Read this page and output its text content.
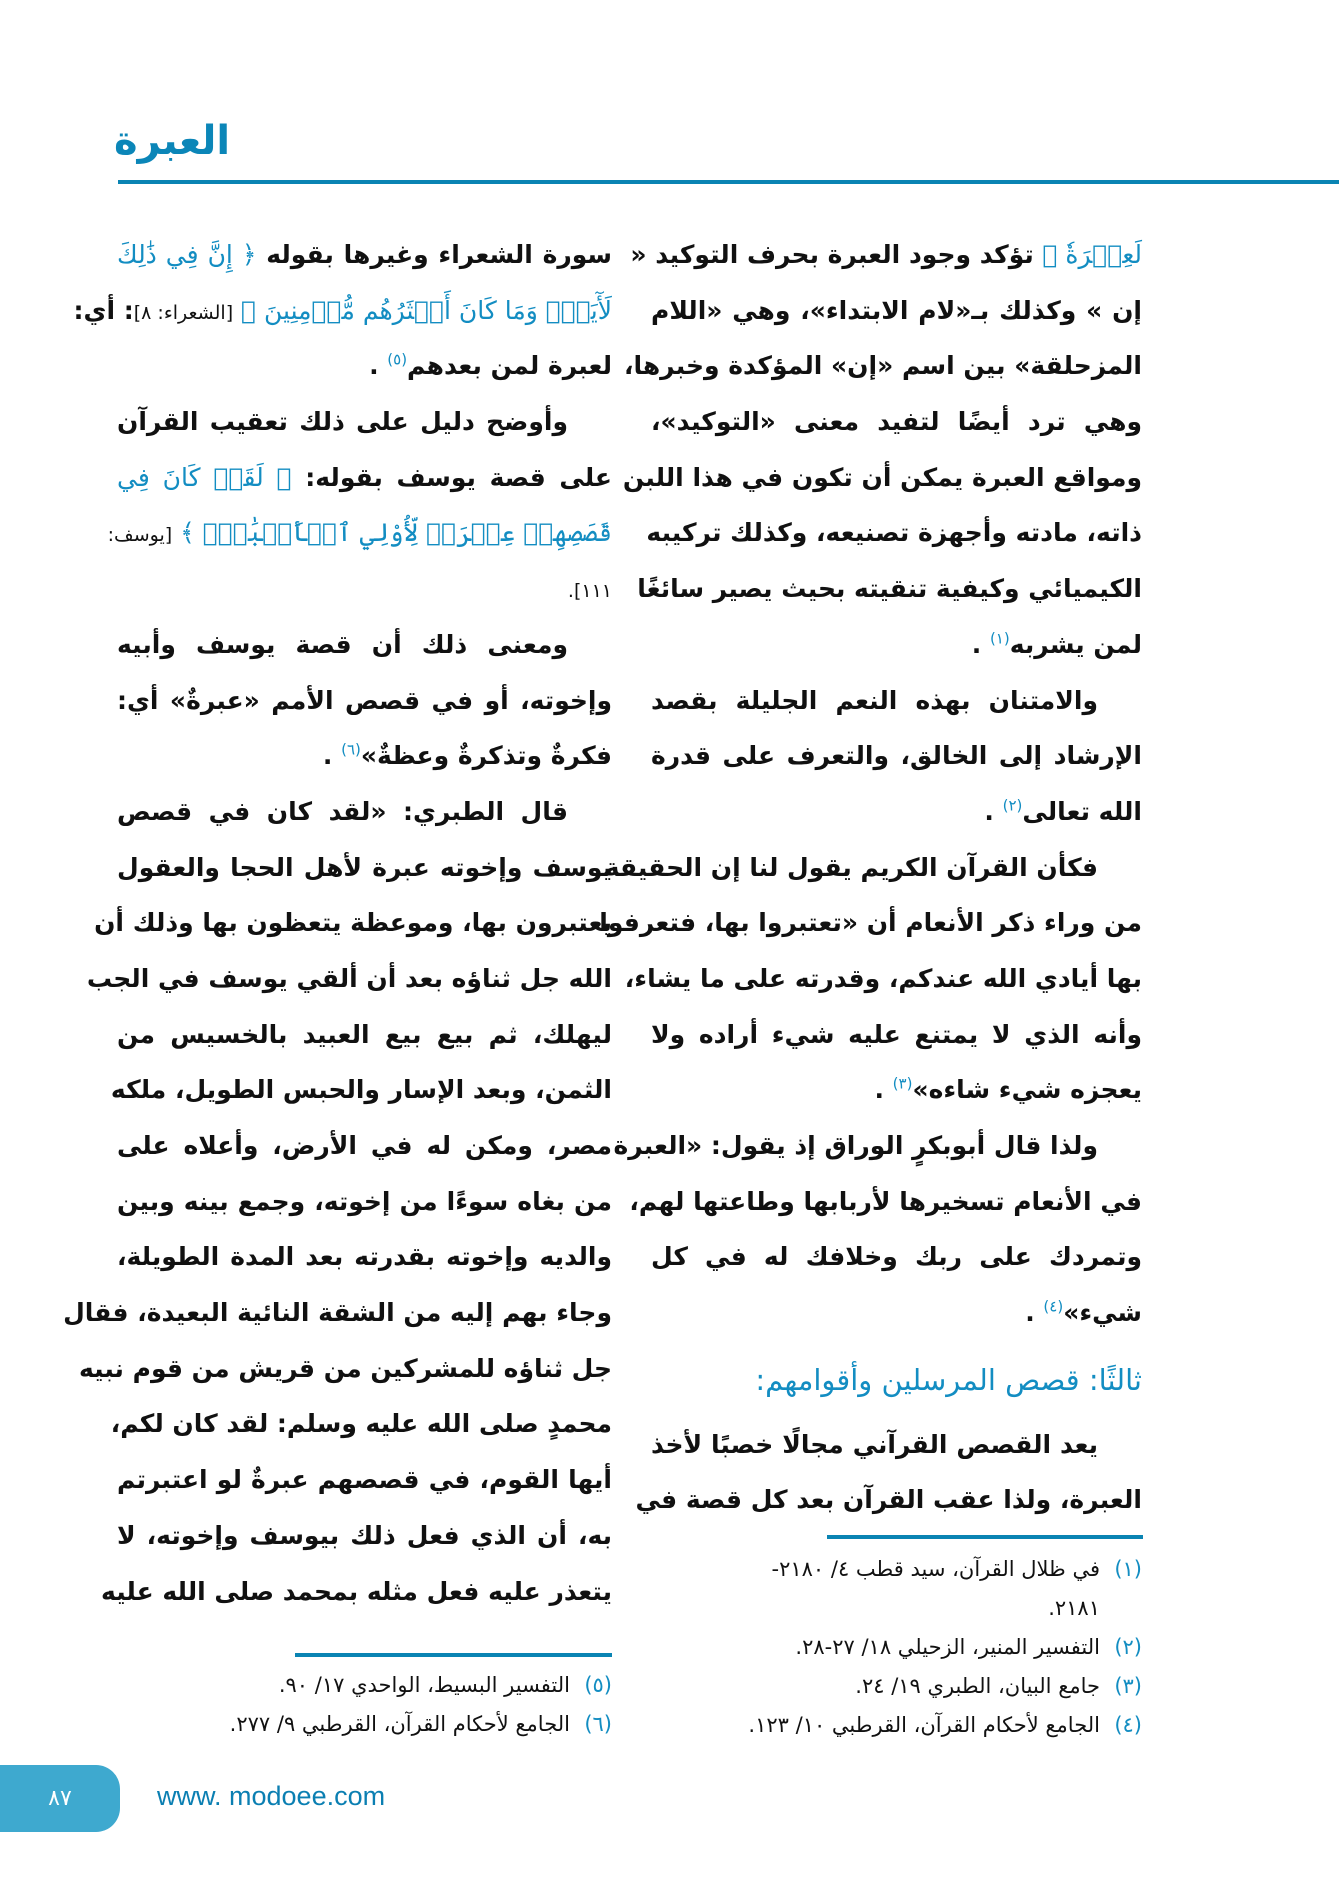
العبرة
لَعِبۡرَةٗ ﴾ تؤكد وجود العبرة بحرف التوكيد «
إن » وكذلك بـ«لام الابتداء»، وهي «اللام
المزحلقة» بين اسم «إن» المؤكدة وخبرها،
وهي ترد أيضًا لتفيد معنى «التوكيد»،
ومواقع العبرة يمكن أن تكون في هذا اللبن
ذاته، مادته وأجهزة تصنيعه، وكذلك تركيبه
الكيميائي وكيفية تنقيته بحيث يصير سائغًا
لمن يشربه$^{(١)}$ .
والامتنان بهذه النعم الجليلة بقصد
الإرشاد إلى الخالق، والتعرف على قدرة
الله تعالى$^{(٢)}$ .
فكأن القرآن الكريم يقول لنا إن الحقيقة
من وراء ذكر الأنعام أن «تعتبروا بها، فتعرفوا
بها أيادي الله عندكم، وقدرته على ما يشاء،
وأنه الذي لا يمتنع عليه شيء أراده ولا
يعجزه شيء شاءه»$^{(٣)}$ .
ولذا قال أبوبكرٍ الوراق إذ يقول: «العبرة
في الأنعام تسخيرها لأربابها وطاعتها لهم،
وتمردك على ربك وخلافك له في كل
شيء»$^{(٤)}$ .
ثالثًا: قصص المرسلين وأقوامهم:
يعد القصص القرآني مجالًا خصبًا لأخذ
العبرة، ولذا عقب القرآن بعد كل قصة في
سورة الشعراء وغيرها بقوله ﴿ إِنَّ فِي ذَٰلِكَ
لَأٓيَةٗۖ وَمَا كَانَ أَكۡثَرُهُم مُّؤۡمِنِينَ ﴾ [الشعراء: ٨]: أي:
لعبرة لمن بعدهم$^{(٥)}$ .
وأوضح دليل على ذلك تعقيب القرآن
على قصة يوسف بقوله: ﴿ لَقَدۡ كَانَ فِي
قَصَصِهِمۡ عِبۡرَةٞ لِّأُوْلِي ٱلۡأَلۡبَٰبِۗ ﴾ [يوسف:
١١١].
ومعنى ذلك أن قصة يوسف وأبيه
وإخوته، أو في قصص الأمم «عبرةٌ» أي:
فكرةٌ وتذكرةٌ وعظةٌ»$^{(٦)}$ .
قال الطبري: «لقد كان في قصص
يوسف وإخوته عبرة لأهل الحجا والعقول
يعتبرون بها، وموعظة يتعظون بها وذلك أن
الله جل ثناؤه بعد أن ألقي يوسف في الجب
ليهلك، ثم بيع بيع العبيد بالخسيس من
الثمن، وبعد الإسار والحبس الطويل، ملكه
مصر، ومكن له في الأرض، وأعلاه على
من بغاه سوءًا من إخوته، وجمع بينه وبين
والديه وإخوته بقدرته بعد المدة الطويلة،
وجاء بهم إليه من الشقة النائية البعيدة، فقال
جل ثناؤه للمشركين من قريش من قوم نبيه
محمدٍ صلى الله عليه وسلم: لقد كان لكم،
أيها القوم، في قصصهم عبرةٌ لو اعتبرتم
به، أن الذي فعل ذلك بيوسف وإخوته، لا
يتعذر عليه فعل مثله بمحمد صلى الله عليه
(١)في ظلال القرآن، سيد قطب ٤/ ٢١٨٠-
٢١٨١.
(٢)التفسير المنير، الزحيلي ١٨/ ٢٧-٢٨.
(٣)جامع البيان، الطبري ١٩/ ٢٤.
(٤)الجامع لأحكام القرآن، القرطبي ١٠/ ١٢٣.
(٥)التفسير البسيط، الواحدي ١٧/ ٩٠.
(٦)الجامع لأحكام القرآن، القرطبي ٩/ ٢٧٧.
٨٧	www. modoee.com
